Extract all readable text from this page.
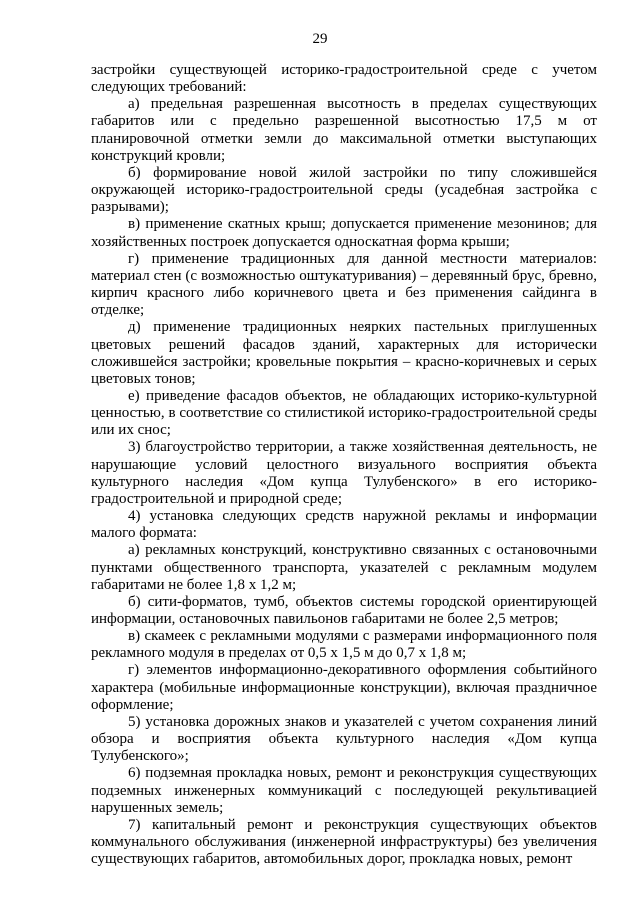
29

застройки существующей историко-градостроительной среде с учетом следующих требований:

а) предельная разрешенная высотность в пределах существующих габаритов или с предельно разрешенной высотностью 17,5 м от планировочной отметки земли до максимальной отметки выступающих конструкций кровли;

б) формирование новой жилой застройки по типу сложившейся окружающей историко-градостроительной среды (усадебная застройка с разрывами);

в) применение скатных крыш; допускается применение мезонинов; для хозяйственных построек допускается односкатная форма крыши;

г) применение традиционных для данной местности материалов: материал стен (с возможностью оштукатуривания) – деревянный брус, бревно, кирпич красного либо коричневого цвета и без применения сайдинга в отделке;

д) применение традиционных неярких пастельных приглушенных цветовых решений фасадов зданий, характерных для исторически сложившейся застройки; кровельные покрытия – красно-коричневых и серых цветовых тонов;

е) приведение фасадов объектов, не обладающих историко-культурной ценностью, в соответствие со стилистикой историко-градостроительной среды или их снос;

3) благоустройство территории, а также хозяйственная деятельность, не нарушающие условий целостного визуального восприятия объекта культурного наследия «Дом купца Тулубенского» в его историко-градостроительной и природной среде;

4) установка следующих средств наружной рекламы и информации малого формата:

а) рекламных конструкций, конструктивно связанных с остановочными пунктами общественного транспорта, указателей с рекламным модулем габаритами не более 1,8 х 1,2 м;

б) сити-форматов, тумб, объектов системы городской ориентирующей информации, остановочных павильонов габаритами не более 2,5 метров;

в) скамеек с рекламными модулями с размерами информационного поля рекламного модуля в пределах от 0,5 х 1,5 м до 0,7 х 1,8 м;

г) элементов информационно-декоративного оформления событийного характера (мобильные информационные конструкции), включая праздничное оформление;

5) установка дорожных знаков и указателей с учетом сохранения линий обзора и восприятия объекта культурного наследия «Дом купца Тулубенского»;

6) подземная прокладка новых, ремонт и реконструкция существующих подземных инженерных коммуникаций с последующей рекультивацией нарушенных земель;

7) капитальный ремонт и реконструкция существующих объектов коммунального обслуживания (инженерной инфраструктуры) без увеличения существующих габаритов, автомобильных дорог, прокладка новых, ремонт
